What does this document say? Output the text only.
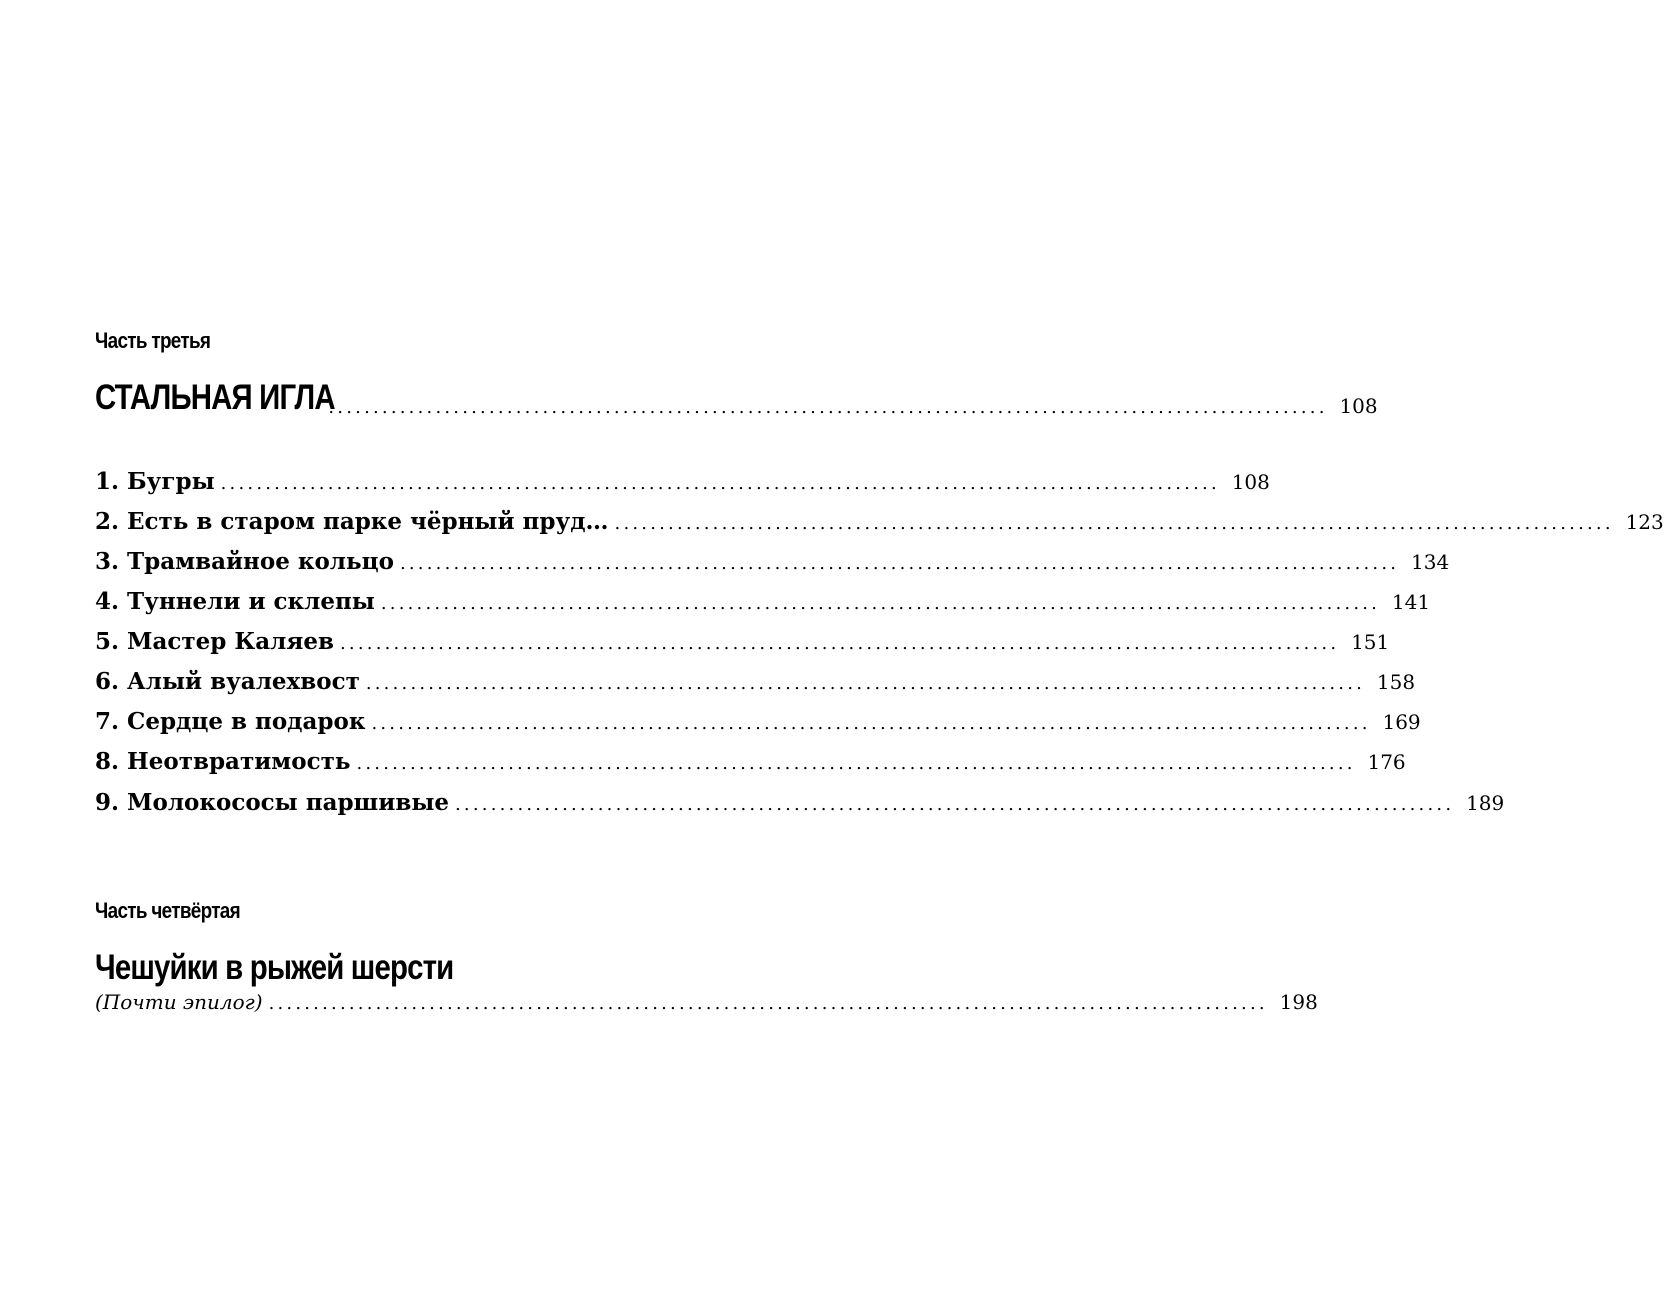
Часть третья
СТАЛЬНАЯ ИГЛА
................................................................................................................ 108
1. Бугры ................................................................................................................ 108
2. Есть в старом парке чёрный пруд… ................................................................................................................ 123
3. Трамвайное кольцо ................................................................................................................ 134
4. Туннели и склепы ................................................................................................................ 141
5. Мастер Каляев ................................................................................................................ 151
6. Алый вуалехвост ................................................................................................................ 158
7. Сердце в подарок ................................................................................................................ 169
8. Неотвратимость ................................................................................................................ 176
9. Молокососы паршивые ................................................................................................................ 189
Часть четвёртая
Чешуйки в рыжей шерсти
(Почти эпилог) ................................................................................................................ 198
